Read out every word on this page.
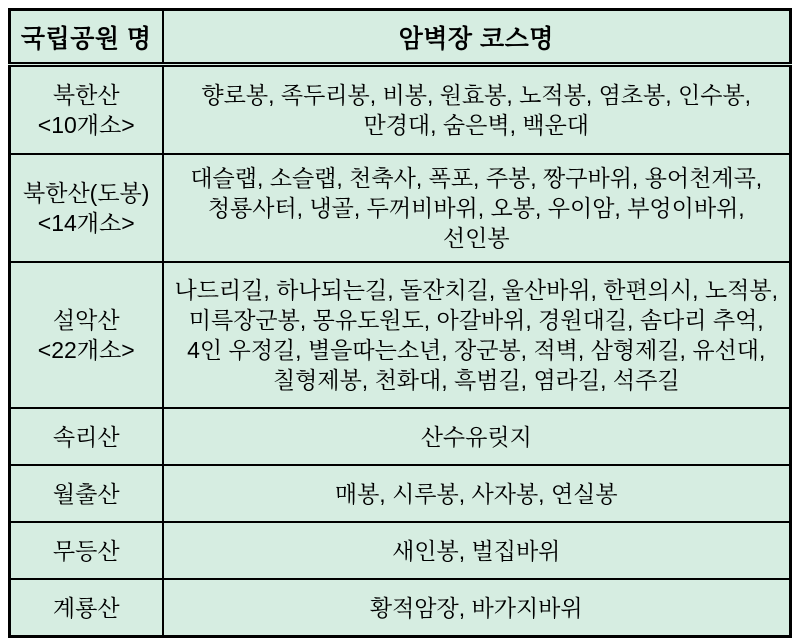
국립공원 명	암벽장 코스명

북한산
<10개소>	향로봉, 족두리봉, 비봉, 원효봉, 노적봉, 염초봉, 인수봉, 만경대, 숨은벽, 백운대

북한산(도봉)
<14개소>	대슬랩, 소슬랩, 천축사, 폭포, 주봉, 짱구바위, 용어천계곡, 청룡사터, 냉골, 두꺼비바위, 오봉, 우이암, 부엉이바위, 선인봉

설악산
<22개소>	나드리길, 하나되는길, 돌잔치길, 울산바위, 한편의시, 노적봉, 미륵장군봉, 몽유도원도, 아갈바위, 경원대길, 솜다리 추억, 4인 우정길, 별을따는소년, 장군봉, 적벽, 삼형제길, 유선대, 칠형제봉, 천화대, 흑범길, 염라길, 석주길

속리산	산수유릿지

월출산	매봉, 시루봉, 사자봉, 연실봉

무등산	새인봉, 벌집바위

계룡산	황적암장, 바가지바위
